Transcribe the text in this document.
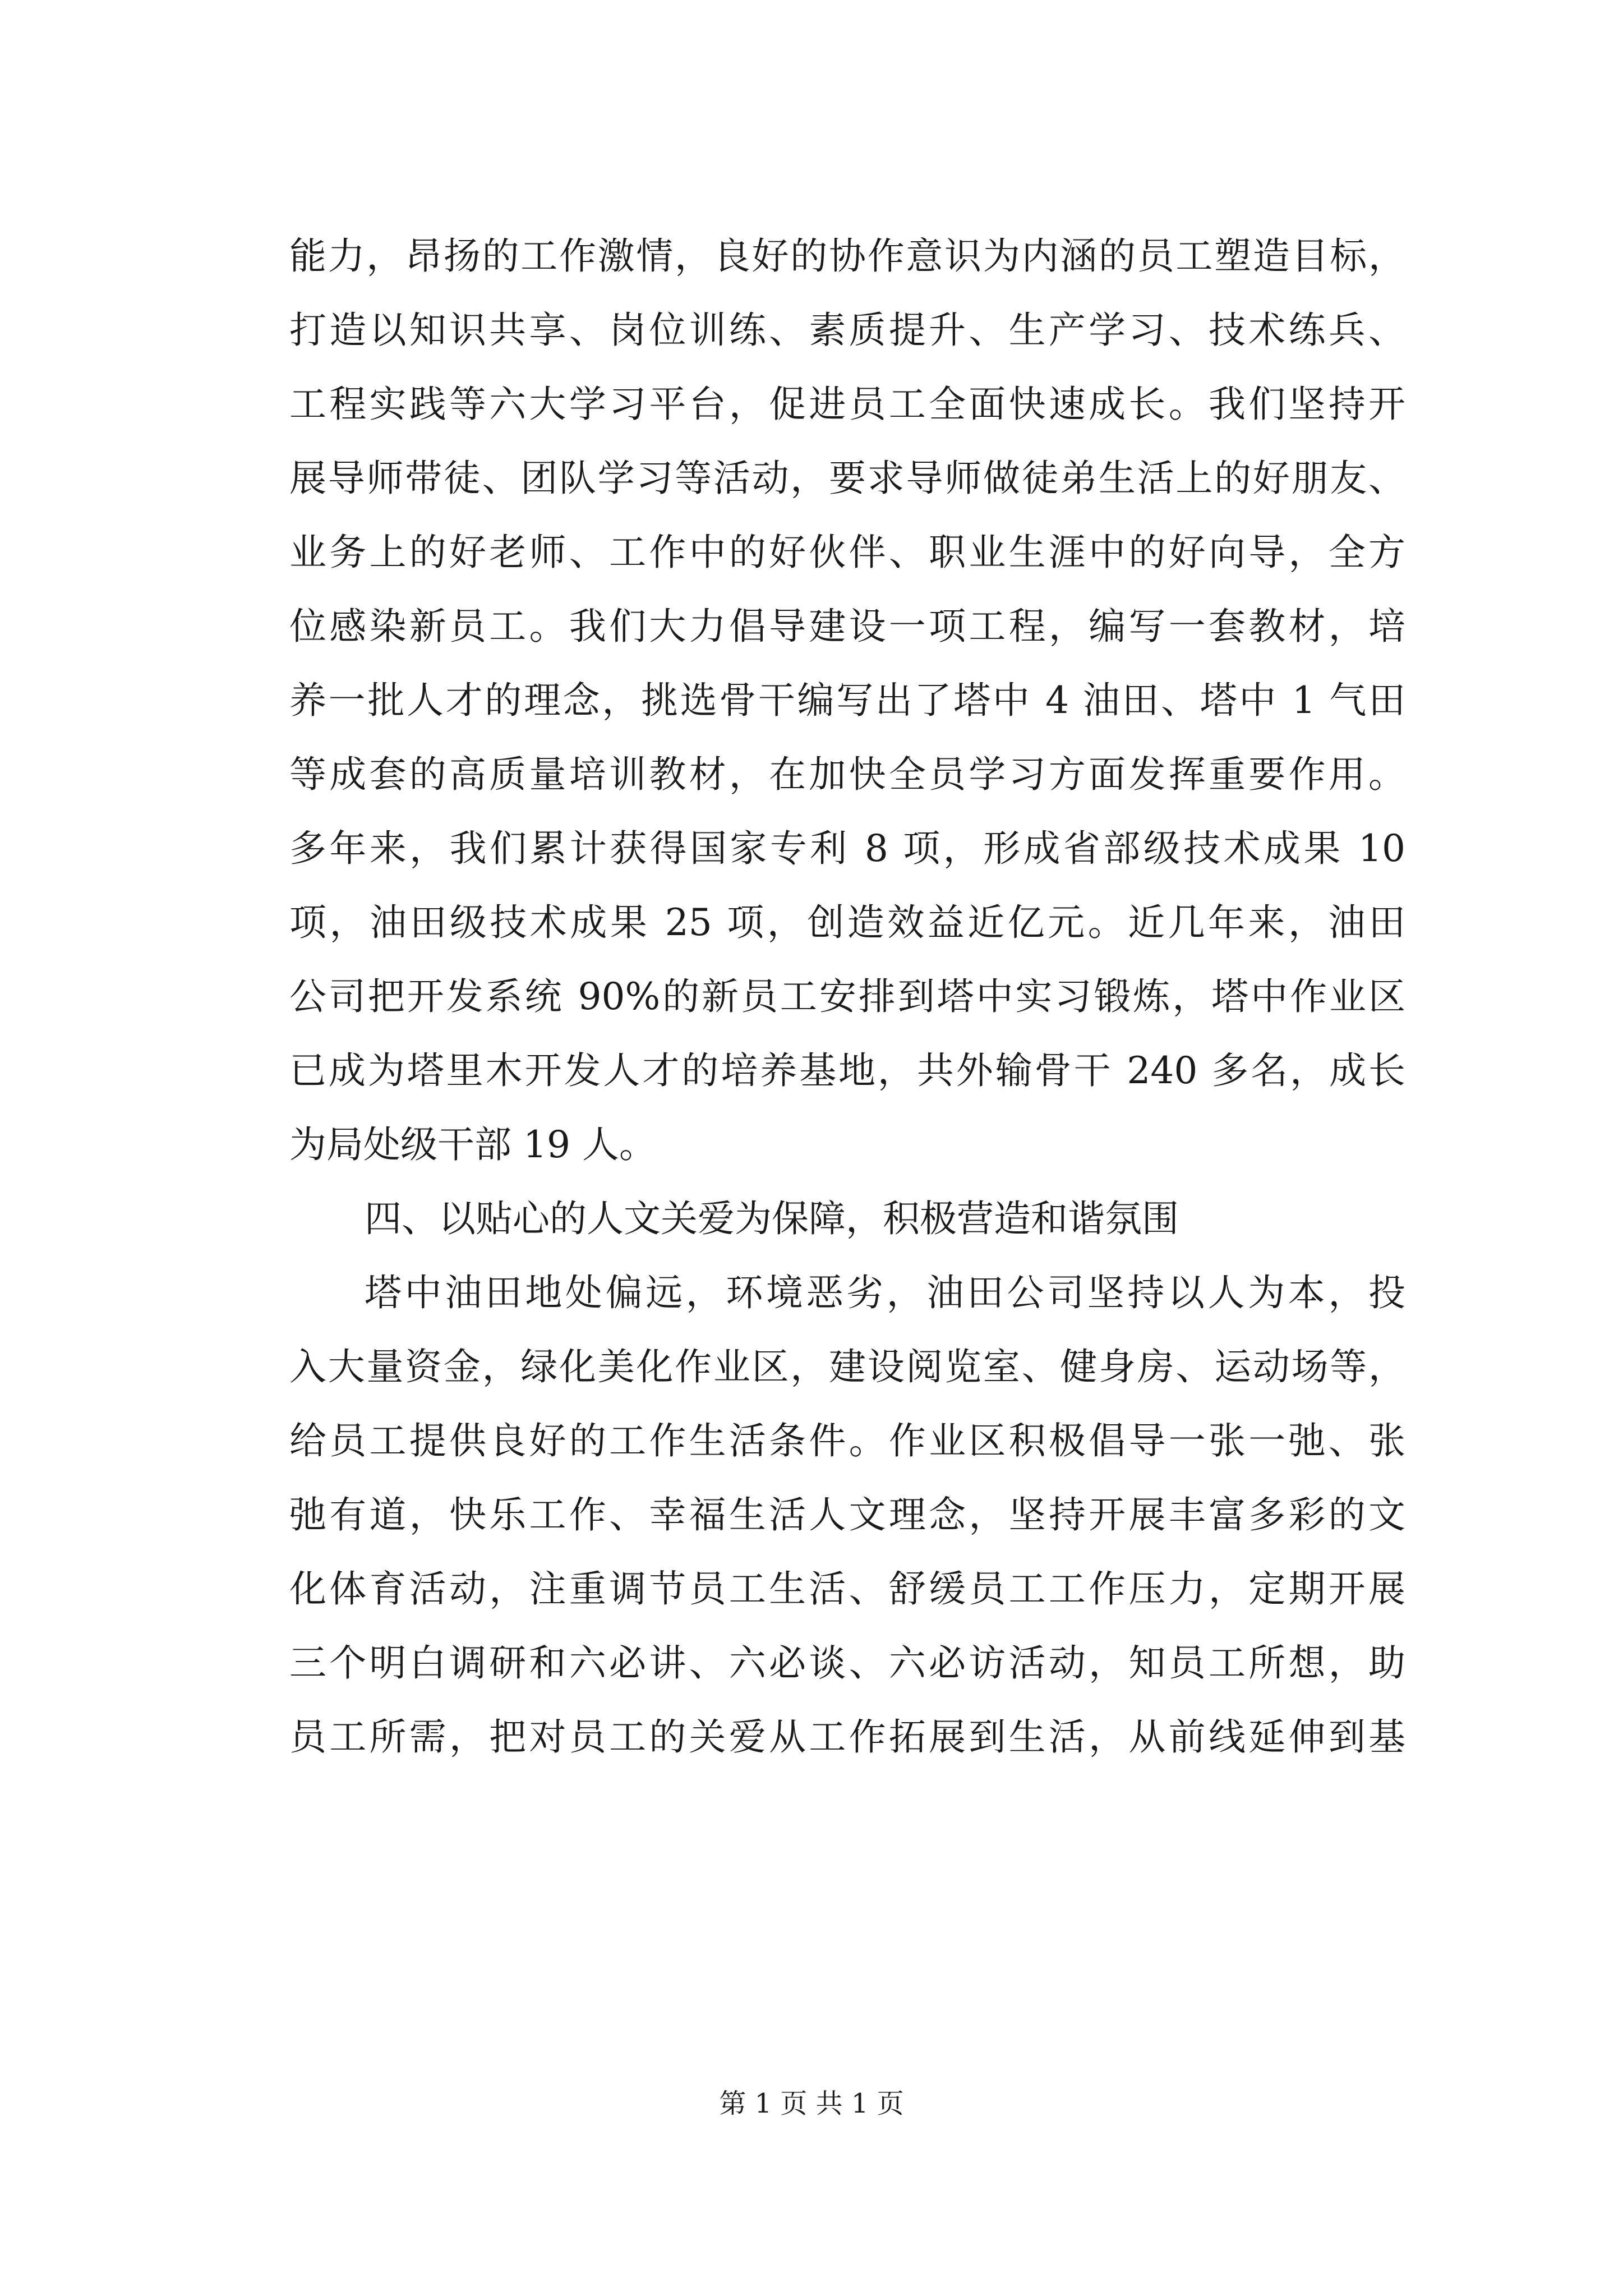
能力，昂扬的工作激情，良好的协作意识为内涵的员工塑造目标，
打造以知识共享、岗位训练、素质提升、生产学习、技术练兵、
工程实践等六大学习平台，促进员工全面快速成长。我们坚持开
展导师带徒、团队学习等活动，要求导师做徒弟生活上的好朋友、
业务上的好老师、工作中的好伙伴、职业生涯中的好向导，全方
位感染新员工。我们大力倡导建设一项工程，编写一套教材，培
养一批人才的理念，挑选骨干编写出了塔中 4 油田、塔中 1 气田
等成套的高质量培训教材，在加快全员学习方面发挥重要作用。
多年来，我们累计获得国家专利 8 项，形成省部级技术成果 10
项，油田级技术成果 25 项，创造效益近亿元。近几年来，油田
公司把开发系统 90%的新员工安排到塔中实习锻炼，塔中作业区
已成为塔里木开发人才的培养基地，共外输骨干 240 多名，成长
为局处级干部 19 人。
四、以贴心的人文关爱为保障，积极营造和谐氛围
塔中油田地处偏远，环境恶劣，油田公司坚持以人为本，投
入大量资金，绿化美化作业区，建设阅览室、健身房、运动场等，
给员工提供良好的工作生活条件。作业区积极倡导一张一弛、张
弛有道，快乐工作、幸福生活人文理念，坚持开展丰富多彩的文
化体育活动，注重调节员工生活、舒缓员工工作压力，定期开展
三个明白调研和六必讲、六必谈、六必访活动，知员工所想，助
员工所需，把对员工的关爱从工作拓展到生活，从前线延伸到基
第 1 页 共 1 页
